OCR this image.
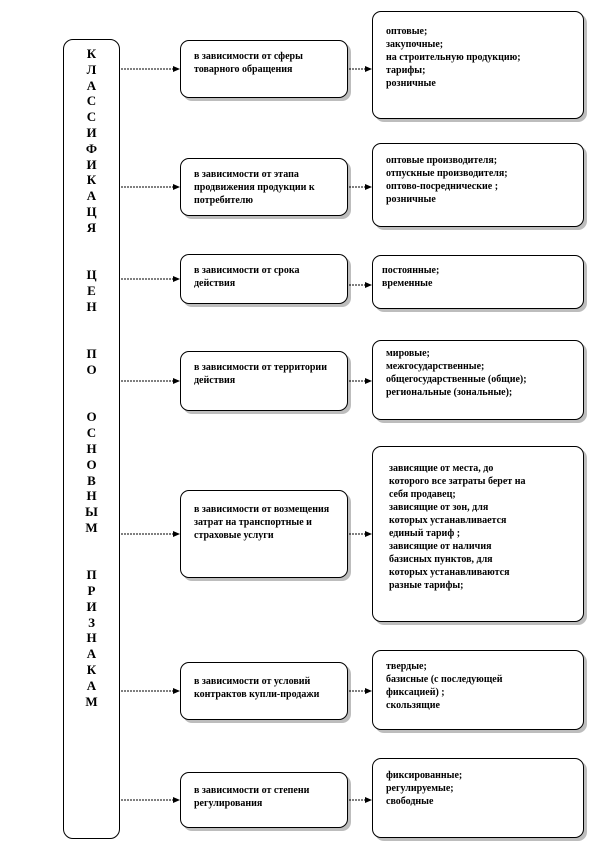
К
Л
А
С
С
И
Ф
И
К
А
Ц
Я

Ц
Е
Н

П
О

О
С
Н
О
В
Н
Ы
М

П
Р
И
З
Н
А
К
А
М
в зависимости от сферы товарного обращения
в зависимости от этапа продвижения продукции к потребителю
в зависимости от срока действия
в зависимости от территории действия
в зависимости от возмещения затрат на транспортные и страховые услуги
в зависимости от условий контрактов купли-продажи
в зависимости от степени регулирования
оптовые;
закупочные;
на строительную продукцию;
тарифы;
розничные
оптовые производителя;
отпускные производителя;
оптово-посреднические ;
розничные
постоянные;
временные
мировые;
межгосударственные;
общегосударственные (общие);
региональные (зональные);
зависящие от места, до
которого все затраты берет на
себя продавец;
зависящие от зон, для
которых устанавливается
единый тариф ;
зависящие от наличия
базисных пунктов, для
которых устанавливаются
разные тарифы;
твердые;
базисные (с последующей
фиксацией) ;
скользящие
фиксированные;
регулируемые;
свободные
